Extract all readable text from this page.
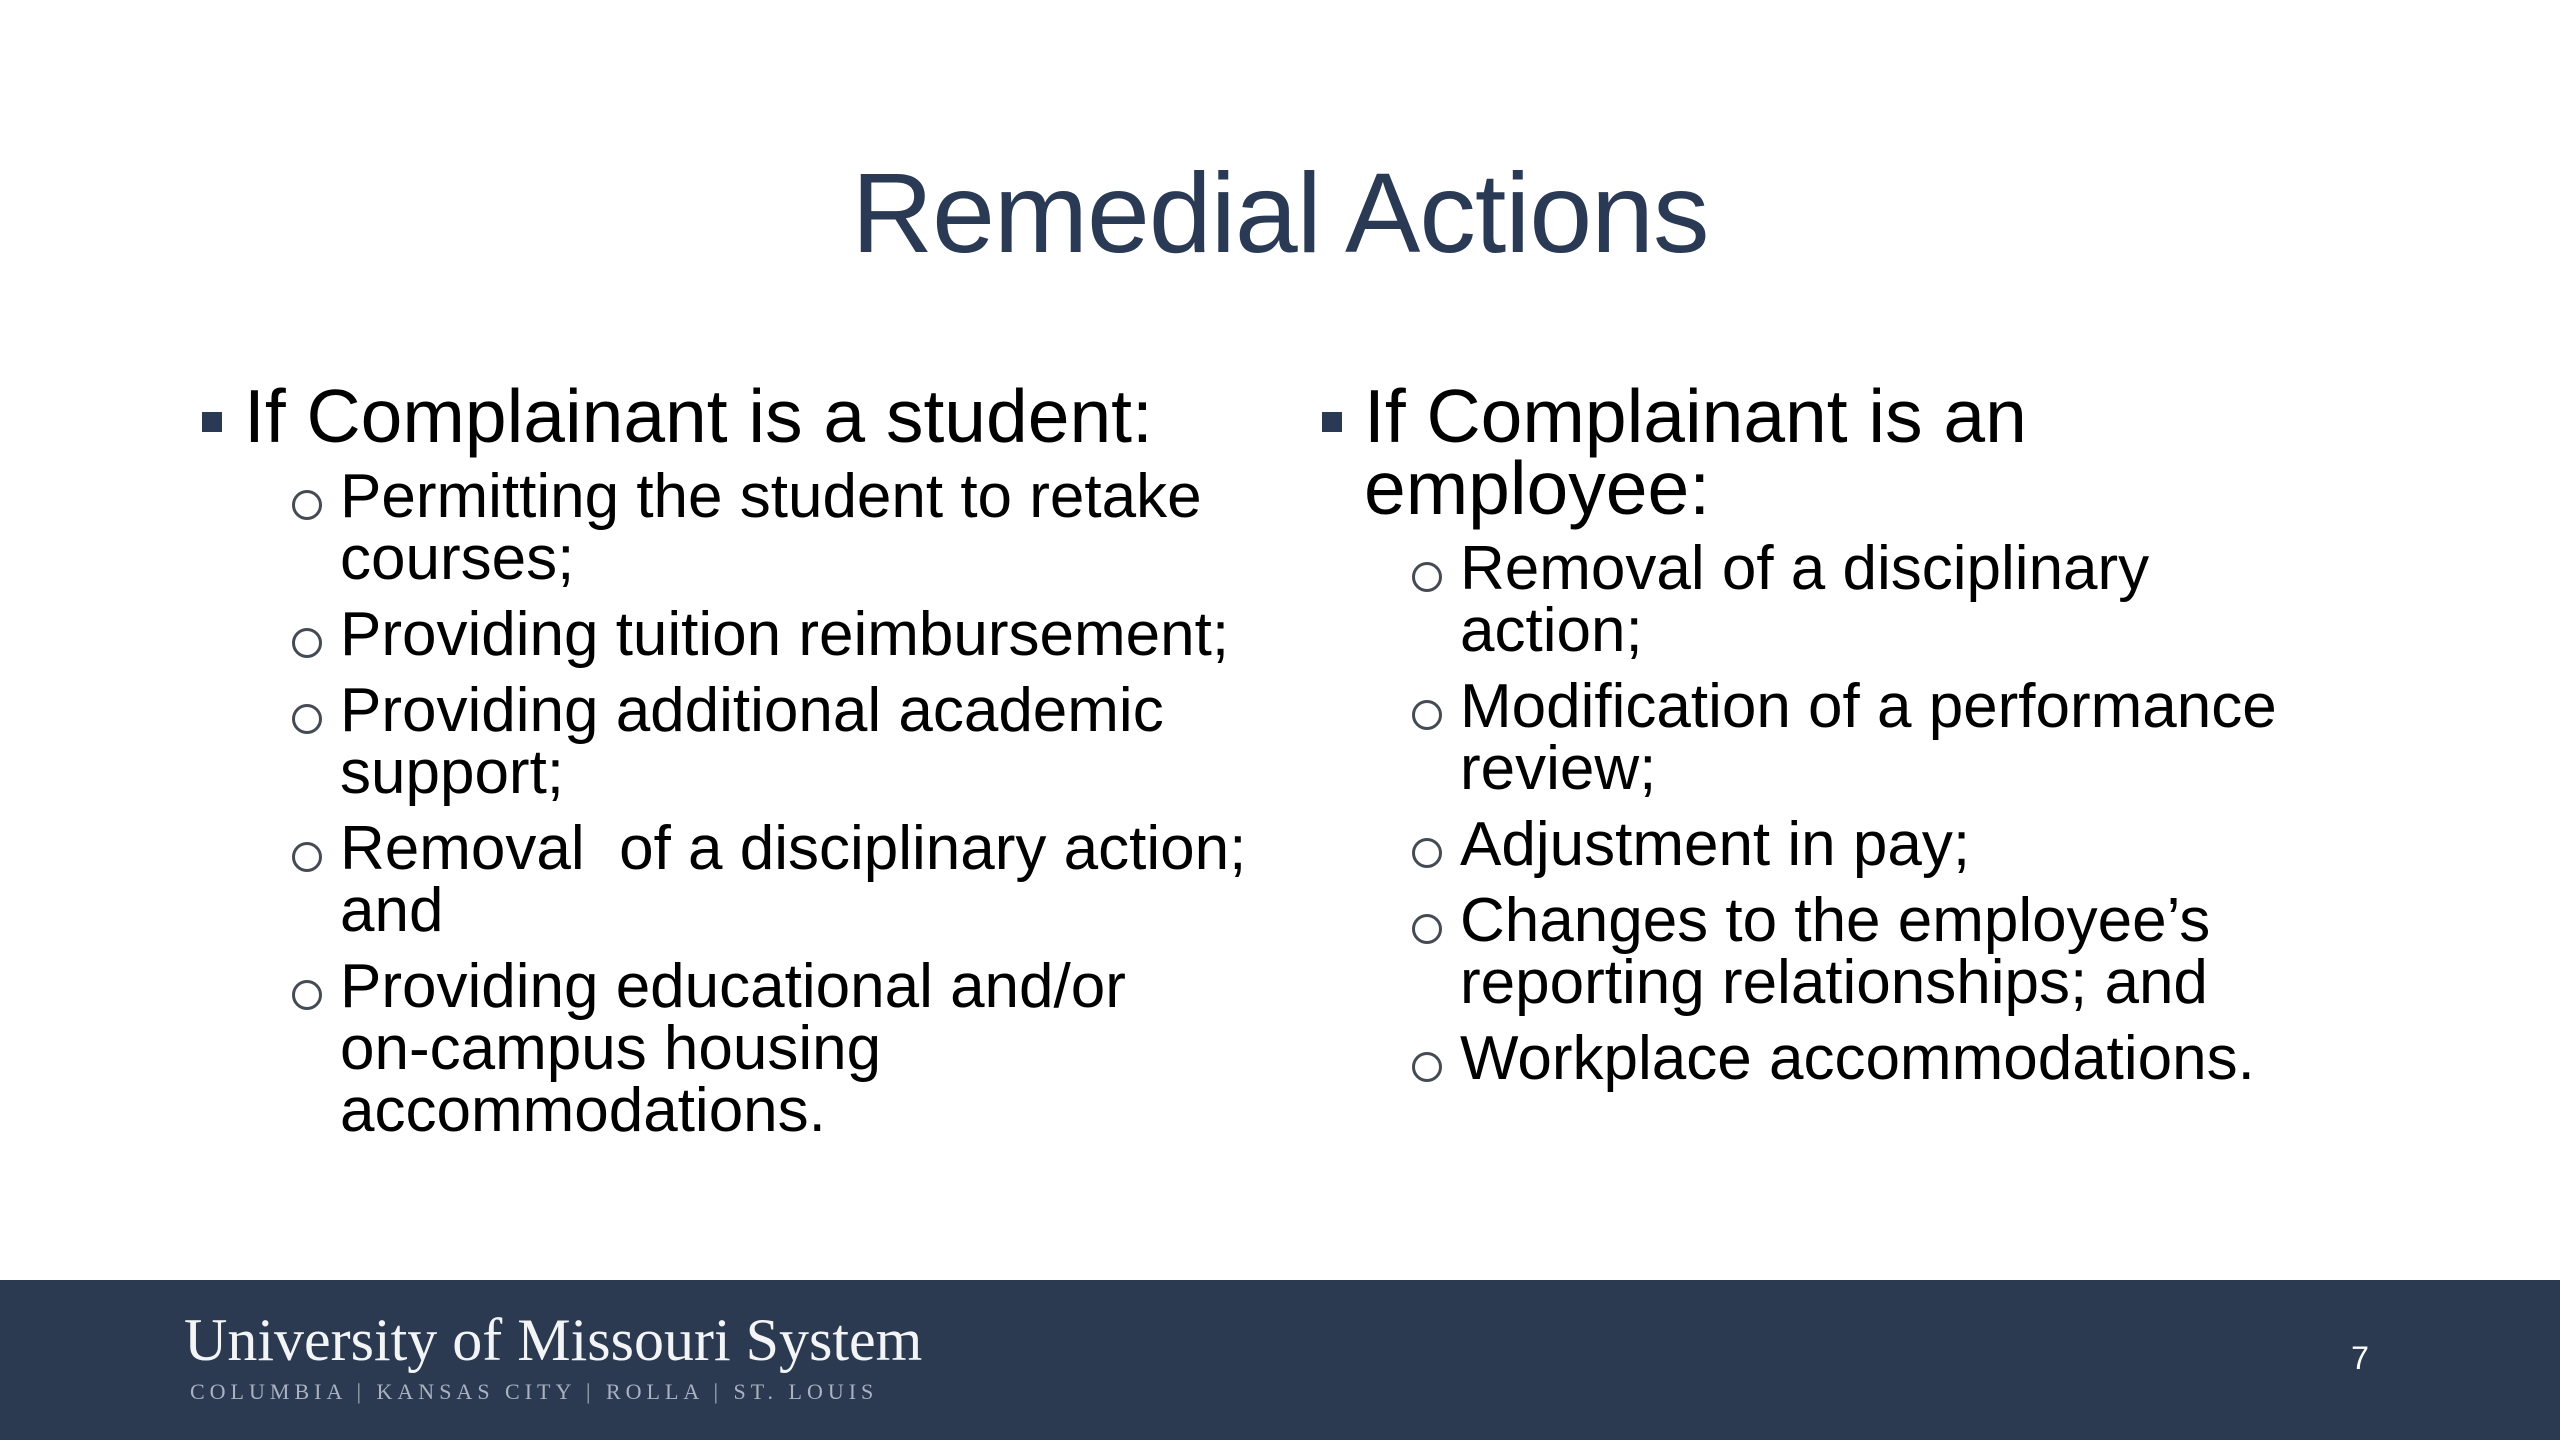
Remedial Actions
If Complainant is a student:
Permitting the student to retake courses;
Providing tuition reimbursement;
Providing additional academic support;
Removal  of a disciplinary action; and
Providing educational and/or on-campus housing accommodations.
If Complainant is an employee:
Removal of a disciplinary action;
Modification of a performance review;
Adjustment in pay;
Changes to the employee’s reporting relationships; and
Workplace accommodations.
University of Missouri System
COLUMBIA | KANSAS CITY | ROLLA | ST. LOUIS
7
